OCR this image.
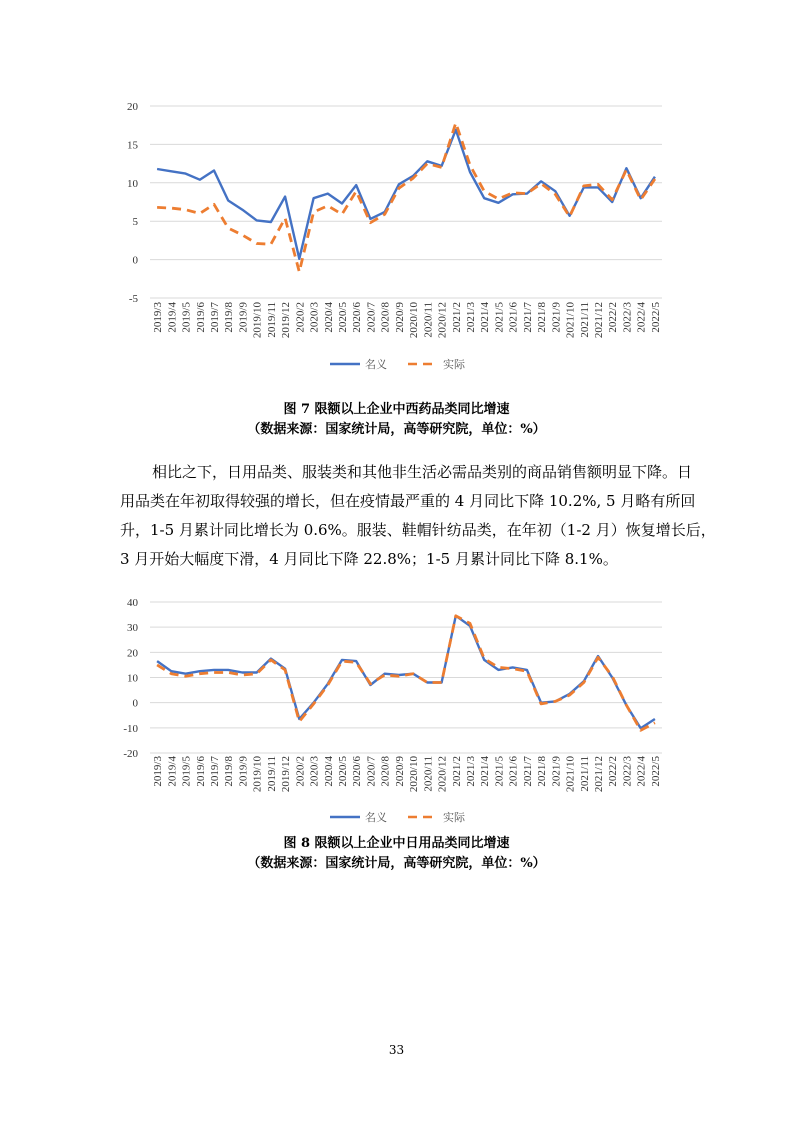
-5
0
5
10
15
20
2019/3 2019/4 2019/5 2019/6 2019/7 2019/8 2019/9 2019/10 2019/11 2019/12 2020/2 2020/3 2020/4 2020/5 2020/6 2020/7 2020/8 2020/9 2020/10 2020/11 2020/12 2021/2 2021/3 2021/4 2021/5 2021/6 2021/7 2021/8 2021/9 2021/10 2021/11 2021/12 2022/2 2022/3 2022/4 2022/5
名义	实际
图 7 限额以上企业中西药品类同比增速
（数据来源：国家统计局，高等研究院，单位：%）
相比之下，日用品类、服装类和其他非生活必需品类别的商品销售额明显下降。日
用品类在年初取得较强的增长，但在疫情最严重的 4 月同比下降 10.2%, 5 月略有所回
升，1-5 月累计同比增长为 0.6%。服装、鞋帽针纺品类，在年初（1-2 月）恢复增长后，
3 月开始大幅度下滑，4 月同比下降 22.8%；1-5 月累计同比下降 8.1%。
-20
-10
0
10
20
30
40
2019/3 2019/4 2019/5 2019/6 2019/7 2019/8 2019/9 2019/10 2019/11 2019/12 2020/2 2020/3 2020/4 2020/5 2020/6 2020/7 2020/8 2020/9 2020/10 2020/11 2020/12 2021/2 2021/3 2021/4 2021/5 2021/6 2021/7 2021/8 2021/9 2021/10 2021/11 2021/12 2022/2 2022/3 2022/4 2022/5
名义	实际
图 8 限额以上企业中日用品类同比增速
（数据来源：国家统计局，高等研究院，单位：%）
33
